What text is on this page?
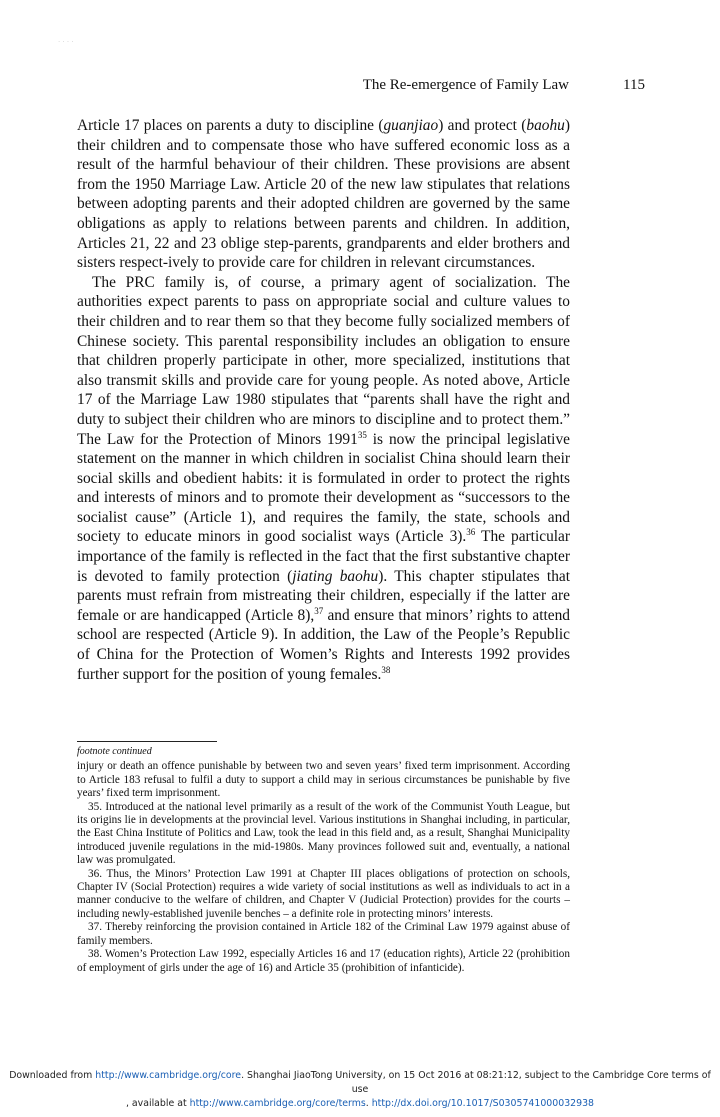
· · · ·
The Re-emergence of Family Law	115

Article 17 places on parents a duty to discipline (guanjiao) and protect (baohu) their children and to compensate those who have suffered economic loss as a result of the harmful behaviour of their children. These provisions are absent from the 1950 Marriage Law. Article 20 of the new law stipulates that relations between adopting parents and their adopted children are governed by the same obligations as apply to relations between parents and children. In addition, Articles 21, 22 and 23 oblige step-parents, grandparents and elder brothers and sisters respect-ively to provide care for children in relevant circumstances.

The PRC family is, of course, a primary agent of socialization. The authorities expect parents to pass on appropriate social and culture values to their children and to rear them so that they become fully socialized members of Chinese society. This parental responsibility includes an obligation to ensure that children properly participate in other, more specialized, institutions that also transmit skills and provide care for young people. As noted above, Article 17 of the Marriage Law 1980 stipulates that “parents shall have the right and duty to subject their children who are minors to discipline and to protect them.” The Law for the Protection of Minors 1991$^{35}$ is now the principal legislative statement on the manner in which children in socialist China should learn their social skills and obedient habits: it is formulated in order to protect the rights and interests of minors and to promote their development as “successors to the socialist cause” (Article 1), and requires the family, the state, schools and society to educate minors in good socialist ways (Article 3).$^{36}$ The particular importance of the family is reflected in the fact that the first substantive chapter is devoted to family protection (jiating baohu). This chapter stipulates that parents must refrain from mistreating their children, especially if the latter are female or are handicapped (Article 8),$^{37}$ and ensure that minors’ rights to attend school are respected (Article 9). In addition, the Law of the People’s Republic of China for the Protection of Women’s Rights and Interests 1992 provides further support for the position of young females.$^{38}$

footnote continued

injury or death an offence punishable by between two and seven years’ fixed term imprisonment. According to Article 183 refusal to fulfil a duty to support a child may in serious circumstances be punishable by five years’ fixed term imprisonment.

35. Introduced at the national level primarily as a result of the work of the Communist Youth League, but its origins lie in developments at the provincial level. Various institutions in Shanghai including, in particular, the East China Institute of Politics and Law, took the lead in this field and, as a result, Shanghai Municipality introduced juvenile regulations in the mid-1980s. Many provinces followed suit and, eventually, a national law was promulgated.

36. Thus, the Minors’ Protection Law 1991 at Chapter III places obligations of protection on schools, Chapter IV (Social Protection) requires a wide variety of social institutions as well as individuals to act in a manner conducive to the welfare of children, and Chapter V (Judicial Protection) provides for the courts – including newly-established juvenile benches – a definite role in protecting minors’ interests.

37. Thereby reinforcing the provision contained in Article 182 of the Criminal Law 1979 against abuse of family members.

38. Women’s Protection Law 1992, especially Articles 16 and 17 (education rights), Article 22 (prohibition of employment of girls under the age of 16) and Article 35 (prohibition of infanticide).

Downloaded from http://www.cambridge.org/core. Shanghai JiaoTong University, on 15 Oct 2016 at 08:21:12, subject to the Cambridge Core terms of use
, available at http://www.cambridge.org/core/terms. http://dx.doi.org/10.1017/S0305741000032938
